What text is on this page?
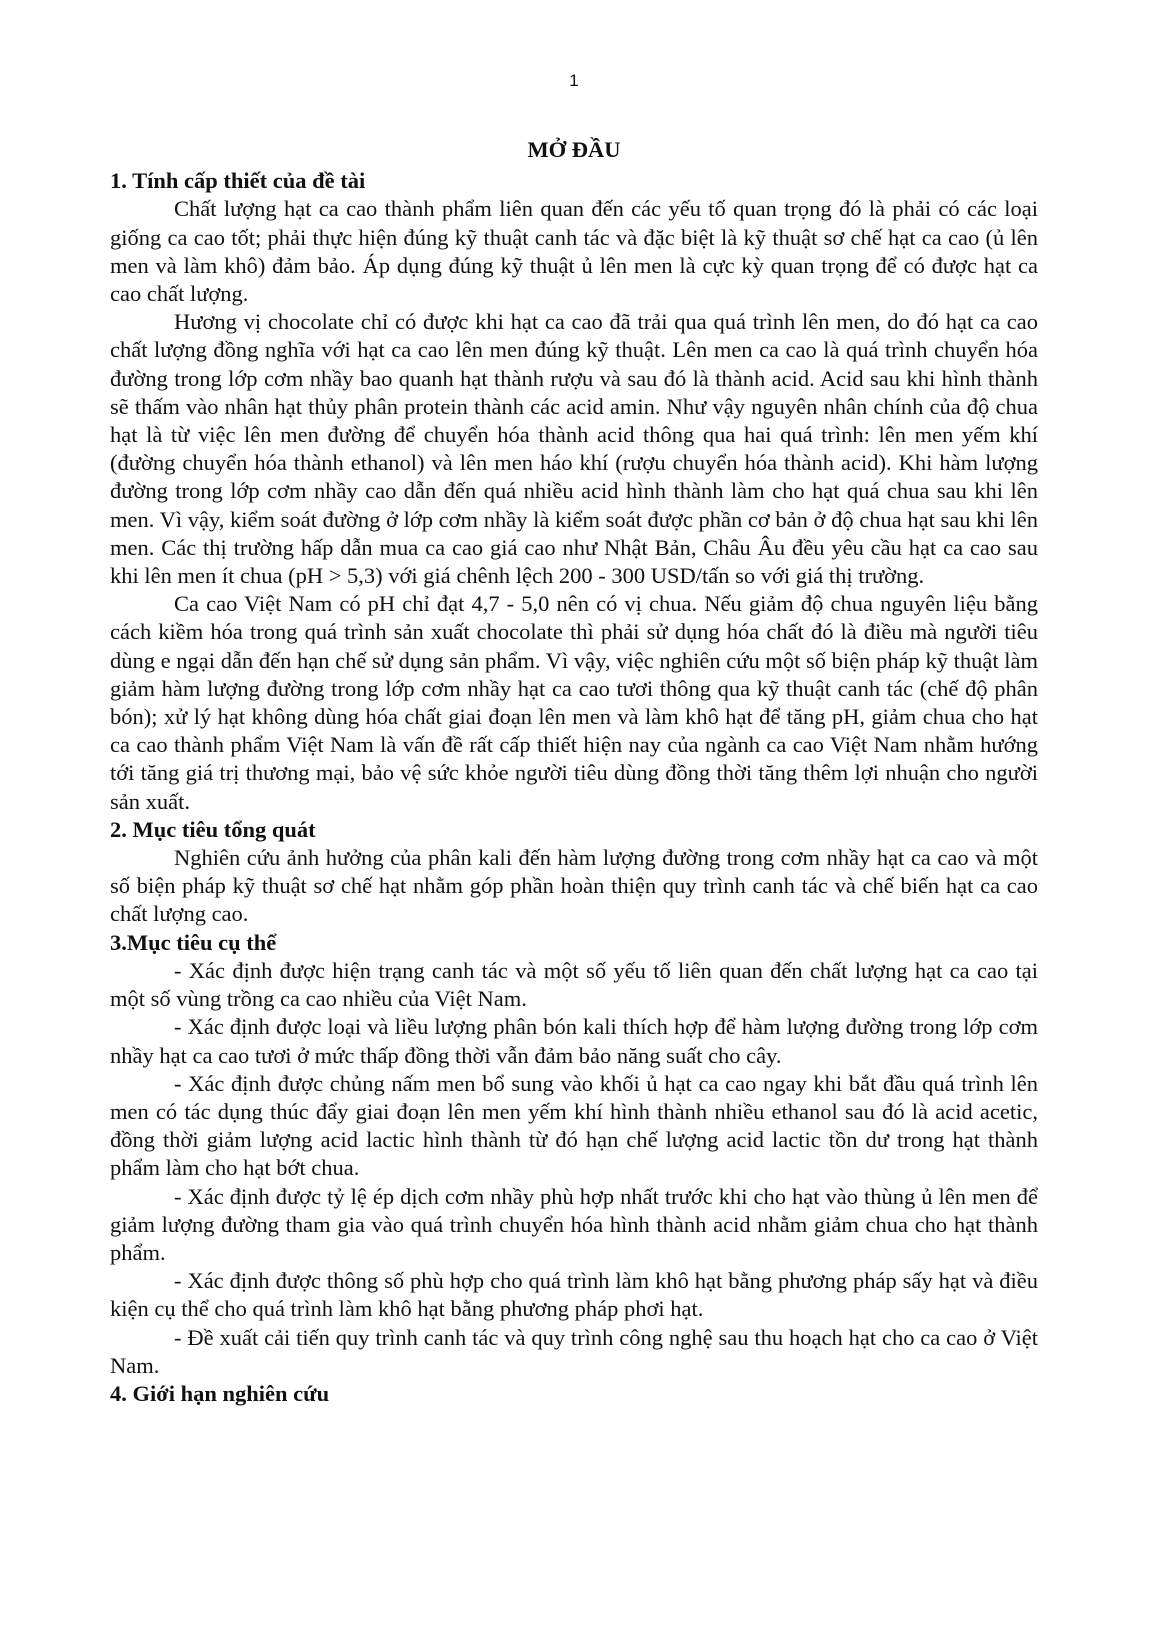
1
MỞ ĐẦU
1. Tính cấp thiết của đề tài

Chất lượng hạt ca cao thành phẩm liên quan đến các yếu tố quan trọng đó là phải có các loại giống ca cao tốt; phải thực hiện đúng kỹ thuật canh tác và đặc biệt là kỹ thuật sơ chế hạt ca cao (ủ lên men và làm khô) đảm bảo. Áp dụng đúng kỹ thuật ủ lên men là cực kỳ quan trọng để có được hạt ca cao chất lượng.

Hương vị chocolate chỉ có được khi hạt ca cao đã trải qua quá trình lên men, do đó hạt ca cao chất lượng đồng nghĩa với hạt ca cao lên men đúng kỹ thuật. Lên men ca cao là quá trình chuyển hóa đường trong lớp cơm nhầy bao quanh hạt thành rượu và sau đó là thành acid. Acid sau khi hình thành sẽ thấm vào nhân hạt thủy phân protein thành các acid amin. Như vậy nguyên nhân chính của độ chua hạt là từ việc lên men đường để chuyển hóa thành acid thông qua hai quá trình: lên men yếm khí (đường chuyển hóa thành ethanol) và lên men háo khí (rượu chuyển hóa thành acid). Khi hàm lượng đường trong lớp cơm nhầy cao dẫn đến quá nhiều acid hình thành làm cho hạt quá chua sau khi lên men. Vì vậy, kiểm soát đường ở lớp cơm nhầy là kiểm soát được phần cơ bản ở độ chua hạt sau khi lên men. Các thị trường hấp dẫn mua ca cao giá cao như Nhật Bản, Châu Âu đều yêu cầu hạt ca cao sau khi lên men ít chua (pH > 5,3) với giá chênh lệch 200 - 300 USD/tấn so với giá thị trường.

Ca cao Việt Nam có pH chỉ đạt 4,7 - 5,0 nên có vị chua. Nếu giảm độ chua nguyên liệu bằng cách kiềm hóa trong quá trình sản xuất chocolate thì phải sử dụng hóa chất đó là điều mà người tiêu dùng e ngại dẫn đến hạn chế sử dụng sản phẩm. Vì vậy, việc nghiên cứu một số biện pháp kỹ thuật làm giảm hàm lượng đường trong lớp cơm nhầy hạt ca cao tươi thông qua kỹ thuật canh tác (chế độ phân bón); xử lý hạt không dùng hóa chất giai đoạn lên men và làm khô hạt để tăng pH, giảm chua cho hạt ca cao thành phẩm Việt Nam là vấn đề rất cấp thiết hiện nay của ngành ca cao Việt Nam nhằm hướng tới tăng giá trị thương mại, bảo vệ sức khỏe người tiêu dùng đồng thời tăng thêm lợi nhuận cho người sản xuất.

2. Mục tiêu tổng quát

Nghiên cứu ảnh hưởng của phân kali đến hàm lượng đường trong cơm nhầy hạt ca cao và một số biện pháp kỹ thuật sơ chế hạt nhằm góp phần hoàn thiện quy trình canh tác và chế biến hạt ca cao chất lượng cao.

3.Mục tiêu cụ thể

- Xác định được hiện trạng canh tác và một số yếu tố liên quan đến chất lượng hạt ca cao tại một số vùng trồng ca cao nhiều của Việt Nam.

- Xác định được loại và liều lượng phân bón kali thích hợp để hàm lượng đường trong lớp cơm nhầy hạt ca cao tươi ở mức thấp đồng thời vẫn đảm bảo năng suất cho cây.

- Xác định được chủng nấm men bổ sung vào khối ủ hạt ca cao ngay khi bắt đầu quá trình lên men có tác dụng thúc đẩy giai đoạn lên men yếm khí hình thành nhiều ethanol sau đó là acid acetic, đồng thời giảm lượng acid lactic hình thành từ đó hạn chế lượng acid lactic tồn dư trong hạt thành phẩm làm cho hạt bớt chua.

- Xác định được tỷ lệ ép dịch cơm nhầy phù hợp nhất trước khi cho hạt vào thùng ủ lên men để giảm lượng đường tham gia vào quá trình chuyển hóa hình thành acid nhằm giảm chua cho hạt thành phẩm.

- Xác định được thông số phù hợp cho quá trình làm khô hạt bằng phương pháp sấy hạt và điều kiện cụ thể cho quá trình làm khô hạt bằng phương pháp phơi hạt.

- Đề xuất cải tiến quy trình canh tác và quy trình công nghệ sau thu hoạch hạt cho ca cao ở Việt Nam.

4. Giới hạn nghiên cứu
